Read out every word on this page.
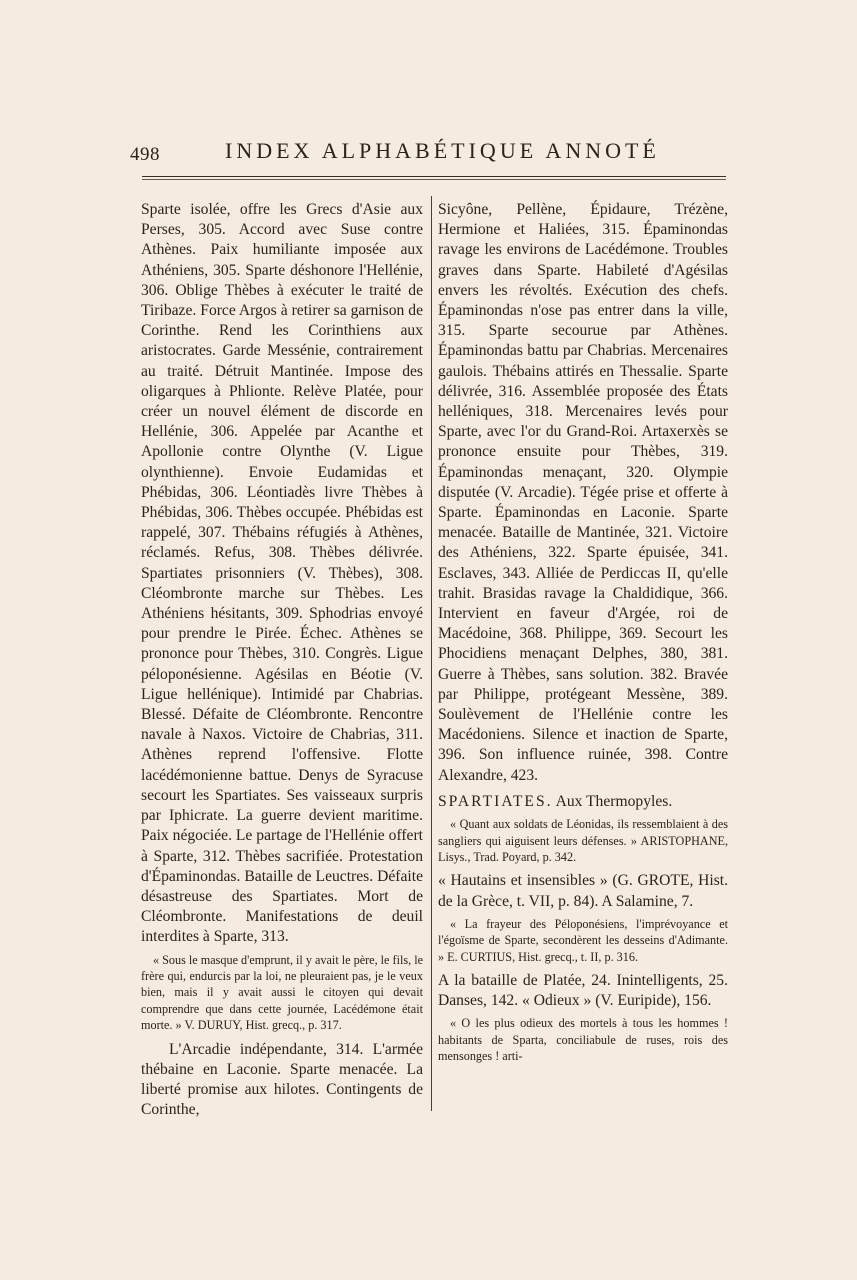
498	INDEX ALPHABÉTIQUE ANNOTÉ

Sparte isolée, offre les Grecs d'Asie aux Perses, 305. Accord avec Suse contre Athènes. Paix humiliante imposée aux Athéniens, 305. Sparte déshonore l'Hellénie, 306. Oblige Thèbes à exécuter le traité de Tiribaze. Force Argos à retirer sa garnison de Corinthe. Rend les Corinthiens aux aristocrates. Garde Messénie, contrairement au traité. Détruit Mantinée. Impose des oligarques à Phlionte. Relève Platée, pour créer un nouvel élément de discorde en Hellénie, 306. Appelée par Acanthe et Apollonie contre Olynthe (V. Ligue olynthienne). Envoie Eudamidas et Phébidas, 306. Léontiadès livre Thèbes à Phébidas, 306. Thèbes occupée. Phébidas est rappelé, 307. Thébains réfugiés à Athènes, réclamés. Refus, 308. Thèbes délivrée. Spartiates prisonniers (V. Thèbes), 308. Cléombronte marche sur Thèbes. Les Athéniens hésitants, 309. Sphodrias envoyé pour prendre le Pirée. Échec. Athènes se prononce pour Thèbes, 310. Congrès. Ligue péloponésienne. Agésilas en Béotie (V. Ligue hellénique). Intimidé par Chabrias. Blessé. Défaite de Cléombronte. Rencontre navale à Naxos. Victoire de Chabrias, 311. Athènes reprend l'offensive. Flotte lacédémonienne battue. Denys de Syracuse secourt les Spartiates. Ses vaisseaux surpris par Iphicrate. La guerre devient maritime. Paix négociée. Le partage de l'Hellénie offert à Sparte, 312. Thèbes sacrifiée. Protestation d'Épaminondas. Bataille de Leuctres. Défaite désastreuse des Spartiates. Mort de Cléombronte. Manifestations de deuil interdites à Sparte, 313.

« Sous le masque d'emprunt, il y avait le père, le fils, le frère qui, endurcis par la loi, ne pleuraient pas, je le veux bien, mais il y avait aussi le citoyen qui devait comprendre que dans cette journée, Lacédémone était morte. » V. DURUY, Hist. grecq., p. 317.

L'Arcadie indépendante, 314. L'armée thébaine en Laconie. Sparte menacée. La liberté promise aux hilotes. Contingents de Corinthe,

Sicyône, Pellène, Épidaure, Trézène, Hermione et Haliées, 315. Épaminondas ravage les environs de Lacédémone. Troubles graves dans Sparte. Habileté d'Agésilas envers les révoltés. Exécution des chefs. Épaminondas n'ose pas entrer dans la ville, 315. Sparte secourue par Athènes. Épaminondas battu par Chabrias. Mercenaires gaulois. Thébains attirés en Thessalie. Sparte délivrée, 316. Assemblée proposée des États helléniques, 318. Mercenaires levés pour Sparte, avec l'or du Grand-Roi. Artaxerxès se prononce ensuite pour Thèbes, 319. Épaminondas menaçant, 320. Olympie disputée (V. Arcadie). Tégée prise et offerte à Sparte. Épaminondas en Laconie. Sparte menacée. Bataille de Mantinée, 321. Victoire des Athéniens, 322. Sparte épuisée, 341. Esclaves, 343. Alliée de Perdiccas II, qu'elle trahit. Brasidas ravage la Chaldidique, 366. Intervient en faveur d'Argée, roi de Macédoine, 368. Philippe, 369. Secourt les Phocidiens menaçant Delphes, 380, 381. Guerre à Thèbes, sans solution. 382. Bravée par Philippe, protégeant Messène, 389. Soulèvement de l'Hellénie contre les Macédoniens. Silence et inaction de Sparte, 396. Son influence ruinée, 398. Contre Alexandre, 423.

SPARTIATES. Aux Thermopyles.

« Quant aux soldats de Léonidas, ils ressemblaient à des sangliers qui aiguisent leurs défenses. » ARISTOPHANE, Lisys., Trad. Poyard, p. 342.

« Hautains et insensibles » (G. GROTE, Hist. de la Grèce, t. VII, p. 84). A Salamine, 7.

« La frayeur des Péloponésiens, l'imprévoyance et l'égoïsme de Sparte, secondèrent les desseins d'Adimante. » E. CURTIUS, Hist. grecq., t. II, p. 316.

A la bataille de Platée, 24. Inintelligents, 25. Danses, 142. « Odieux » (V. Euripide), 156.

« O les plus odieux des mortels à tous les hommes ! habitants de Sparta, conciliabule de ruses, rois des mensonges ! arti-
